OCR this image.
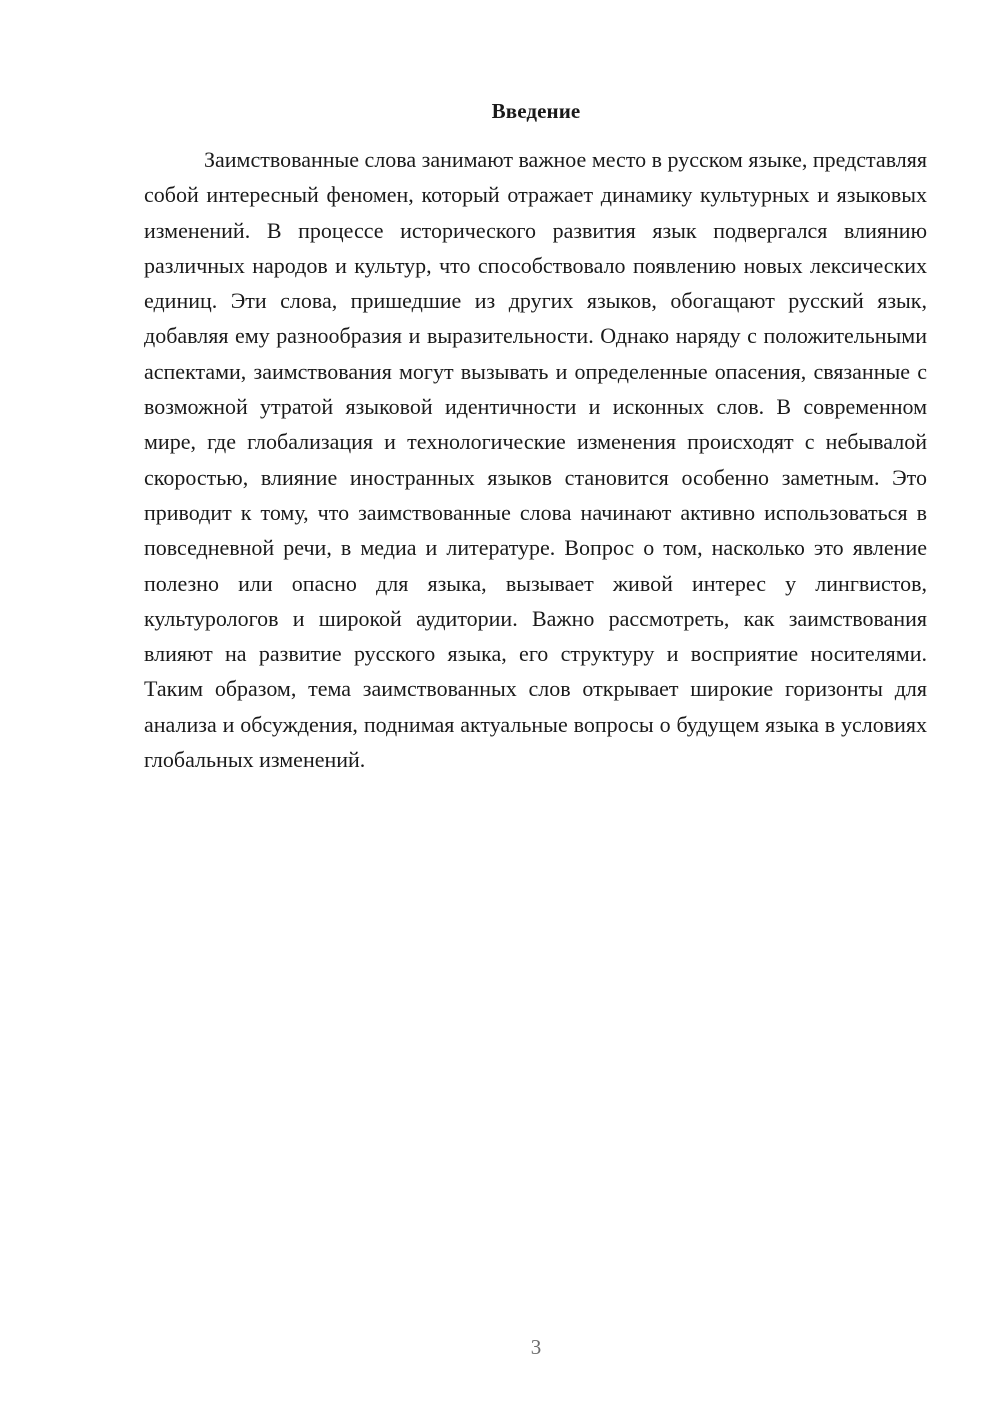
Введение

Заимствованные слова занимают важное место в русском языке, представляя собой интересный феномен, который отражает динамику культурных и языковых изменений. В процессе исторического развития язык подвергался влиянию различных народов и культур, что способствовало появлению новых лексических единиц. Эти слова, пришедшие из других языков, обогащают русский язык, добавляя ему разнообразия и выразительности. Однако наряду с положительными аспектами, заимствования могут вызывать и определенные опасения, связанные с возможной утратой языковой идентичности и исконных слов. В современном мире, где глобализация и технологические изменения происходят с небывалой скоростью, влияние иностранных языков становится особенно заметным. Это приводит к тому, что заимствованные слова начинают активно использоваться в повседневной речи, в медиа и литературе. Вопрос о том, насколько это явление полезно или опасно для языка, вызывает живой интерес у лингвистов, культурологов и широкой аудитории. Важно рассмотреть, как заимствования влияют на развитие русского языка, его структуру и восприятие носителями. Таким образом, тема заимствованных слов открывает широкие горизонты для анализа и обсуждения, поднимая актуальные вопросы о будущем языка в условиях глобальных изменений.

3
